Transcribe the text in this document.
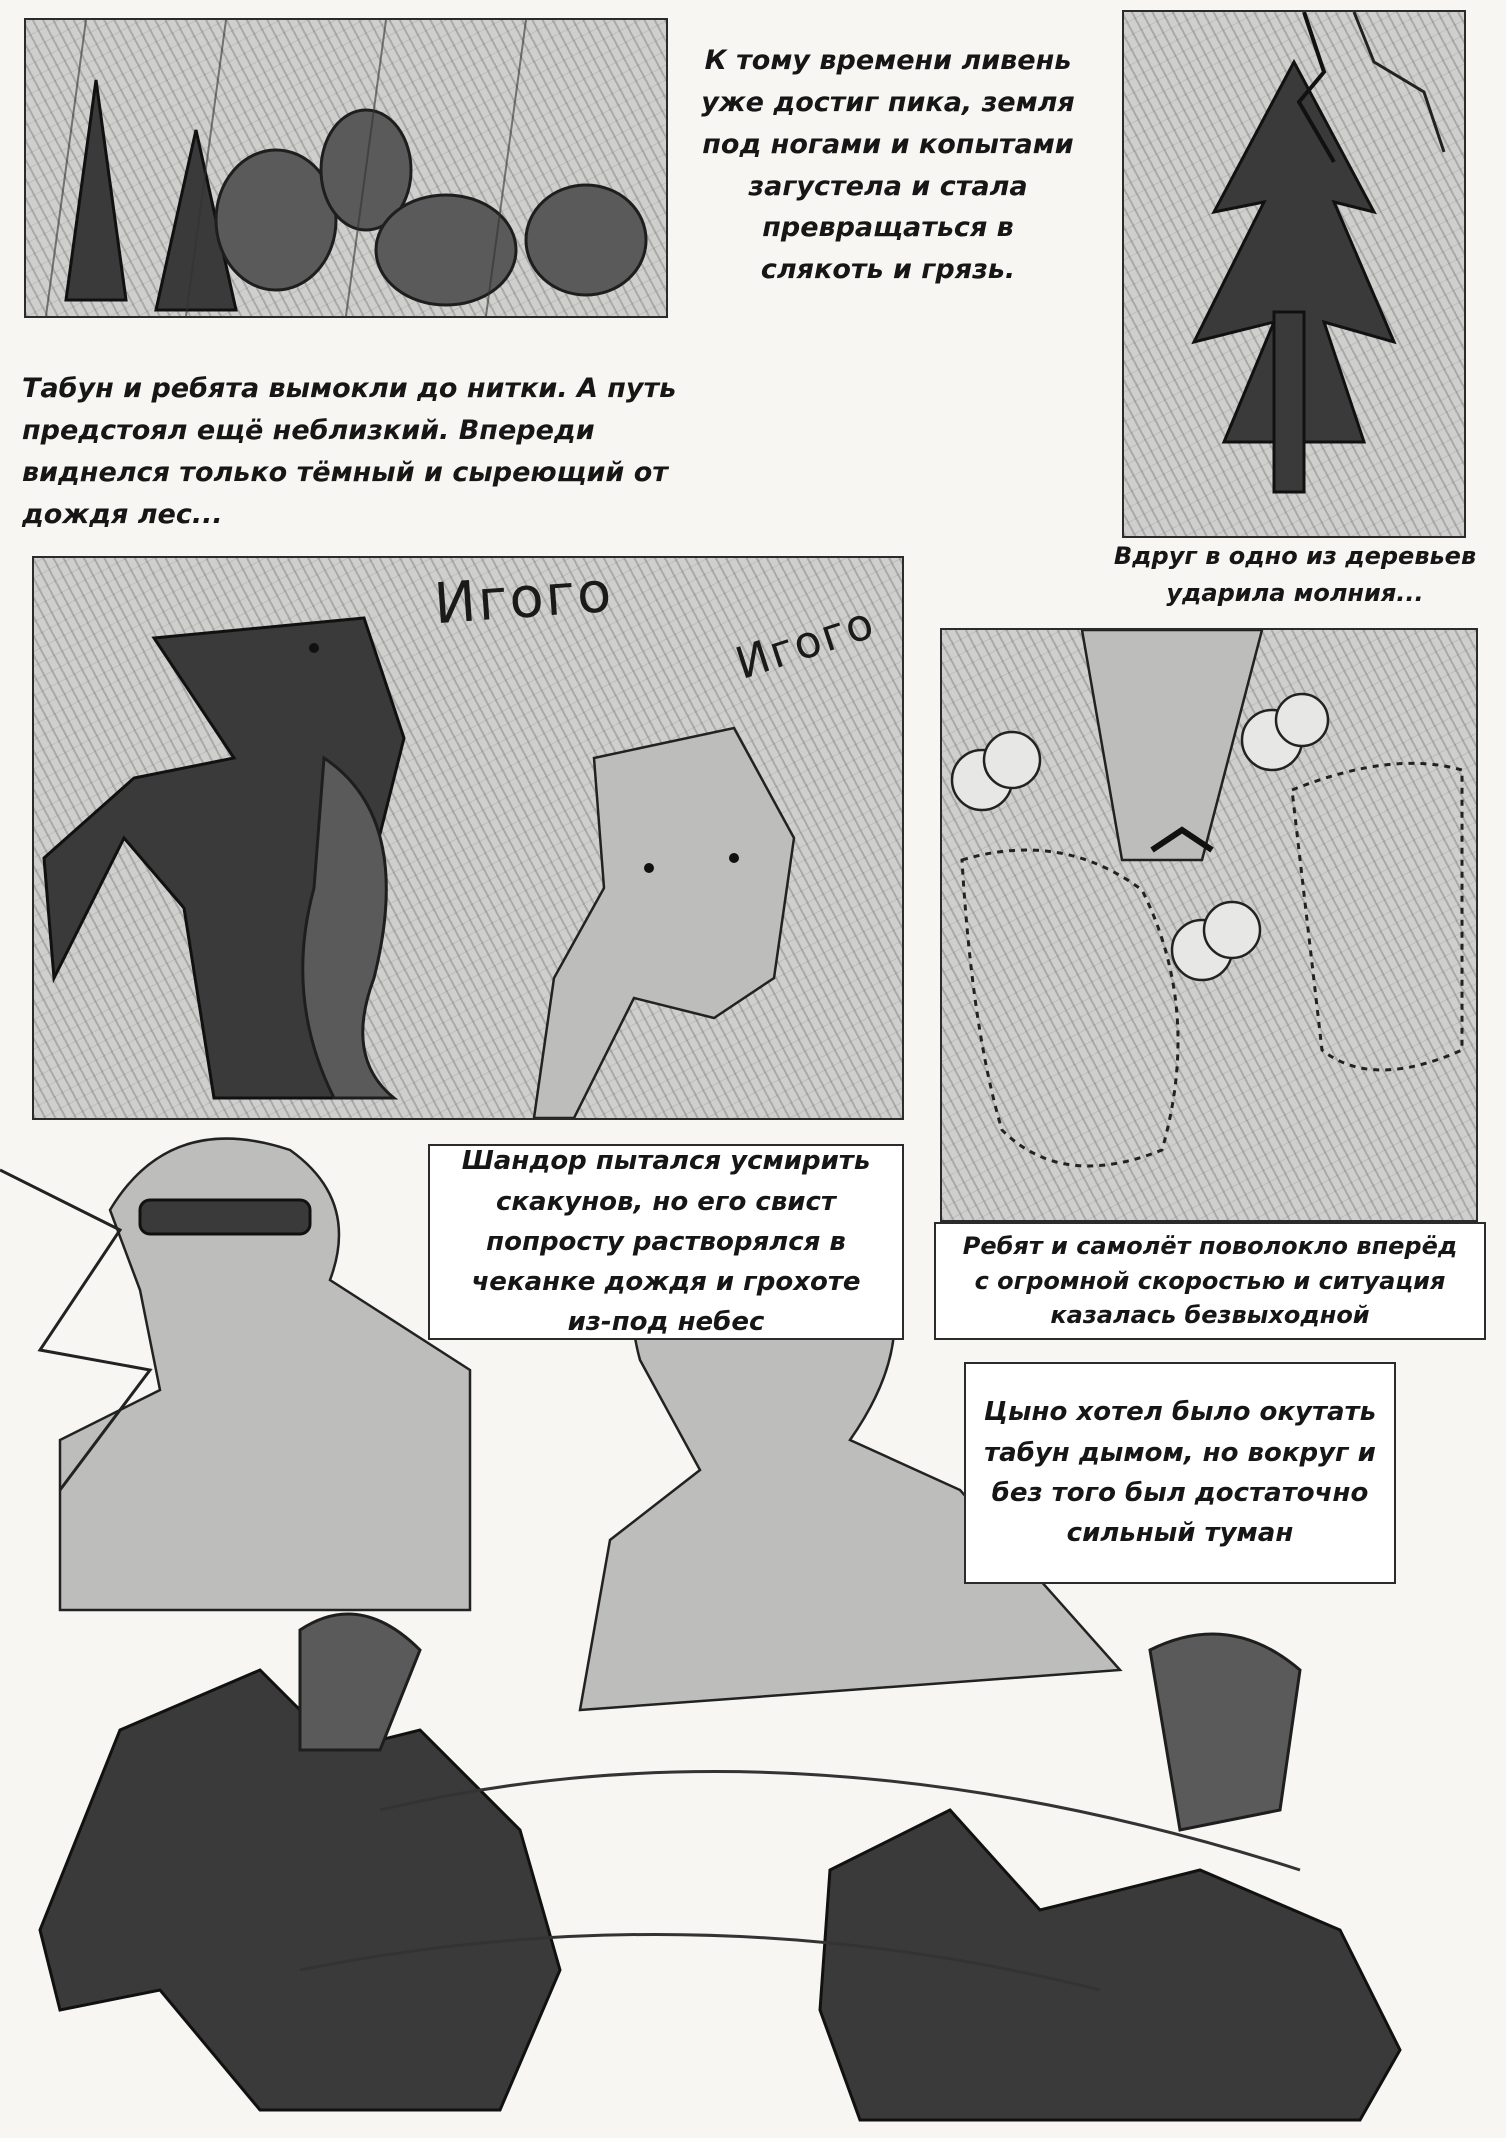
К тому времени ливень уже достиг пика, земля под ногами и копытами загустела и стала превращаться в слякоть и грязь.
Табун и ребята вымокли до нитки. А путь предстоял ещё неблизкий. Впереди виднелся только тёмный и сыреющий от дождя лес...
Вдруг в одно из деревьев ударила молния...
Игого	Игого
Шандор пытался усмирить скакунов, но его свист попросту растворялся в чеканке дождя и грохоте из-под небес
Ребят и самолёт поволокло вперёд с огромной скоростью и ситуация казалась безвыходной
Цыно хотел было окутать табун дымом, но вокруг и без того был достаточно сильный туман
